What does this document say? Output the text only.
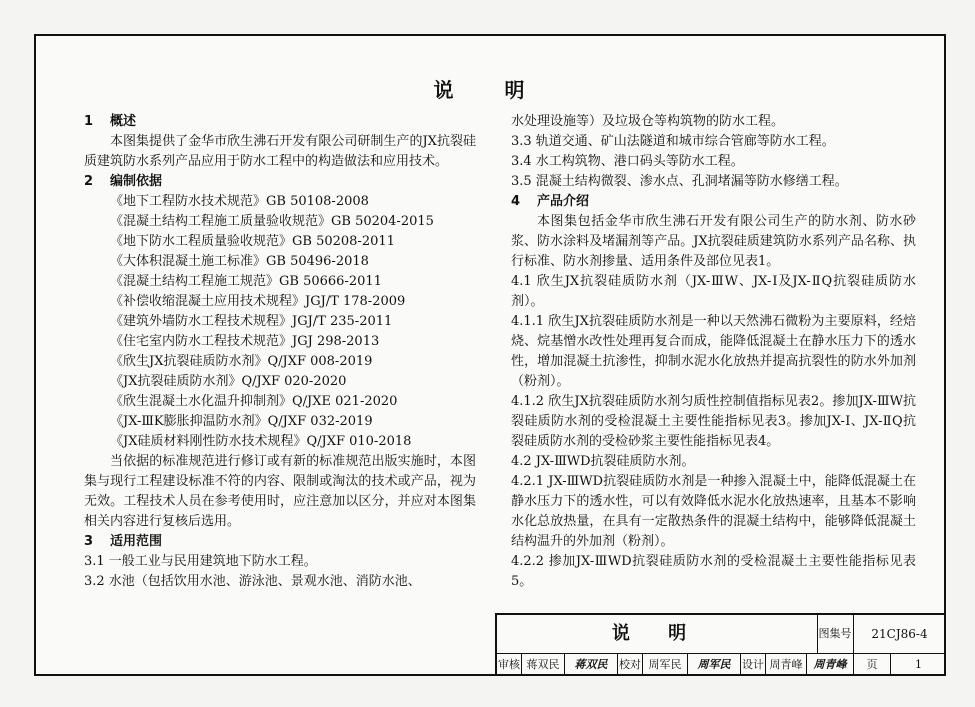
说 明
1 概述

本图集提供了金华市欣生沸石开发有限公司研制生产的JX抗裂硅质建筑防水系列产品应用于防水工程中的构造做法和应用技术。

2 编制依据
《地下工程防水技术规范》GB 50108-2008
《混凝土结构工程施工质量验收规范》GB 50204-2015
《地下防水工程质量验收规范》GB 50208-2011
《大体积混凝土施工标准》GB 50496-2018
《混凝土结构工程施工规范》GB 50666-2011
《补偿收缩混凝土应用技术规程》JGJ/T 178-2009
《建筑外墙防水工程技术规程》JGJ/T 235-2011
《住宅室内防水工程技术规范》JGJ 298-2013
《欣生JX抗裂硅质防水剂》Q/JXF 008-2019
《JX抗裂硅质防水剂》Q/JXF 020-2020
《欣生混凝土水化温升抑制剂》Q/JXE 021-2020
《JX-ⅢK膨胀抑温防水剂》Q/JXF 032-2019
《JX硅质材料刚性防水技术规程》Q/JXF 010-2018

当依据的标准规范进行修订或有新的标准规范出版实施时，本图集与现行工程建设标准不符的内容、限制或淘汰的技术或产品，视为无效。工程技术人员在参考使用时，应注意加以区分，并应对本图集相关内容进行复核后选用。

3 适用范围

3.1 一般工业与民用建筑地下防水工程。

3.2 水池（包括饮用水池、游泳池、景观水池、消防水池、

水处理设施等）及垃圾仓等构筑物的防水工程。

3.3 轨道交通、矿山法隧道和城市综合管廊等防水工程。

3.4 水工构筑物、港口码头等防水工程。

3.5 混凝土结构微裂、渗水点、孔洞堵漏等防水修缮工程。

4 产品介绍

本图集包括金华市欣生沸石开发有限公司生产的防水剂、防水砂浆、防水涂料及堵漏剂等产品。JX抗裂硅质建筑防水系列产品名称、执行标准、防水剂掺量、适用条件及部位见表1。

4.1 欣生JX抗裂硅质防水剂（JX-ⅢW、JX-Ⅰ及JX-ⅡQ抗裂硅质防水剂）。

4.1.1 欣生JX抗裂硅质防水剂是一种以天然沸石微粉为主要原料，经焙烧、烷基憎水改性处理再复合而成，能降低混凝土在静水压力下的透水性，增加混凝土抗渗性，抑制水泥水化放热并提高抗裂性的防水外加剂（粉剂）。

4.1.2 欣生JX抗裂硅质防水剂匀质性控制值指标见表2。掺加JX-ⅢW抗裂硅质防水剂的受检混凝土主要性能指标见表3。掺加JX-Ⅰ、JX-ⅡQ抗裂硅质防水剂的受检砂浆主要性能指标见表4。

4.2 JX-ⅢWD抗裂硅质防水剂。

4.2.1 JX-ⅢWD抗裂硅质防水剂是一种掺入混凝土中，能降低混凝土在静水压力下的透水性，可以有效降低水泥水化放热速率，且基本不影响水化总放热量，在具有一定散热条件的混凝土结构中，能够降低混凝土结构温升的外加剂（粉剂）。

4.2.2 掺加JX-ⅢWD抗裂硅质防水剂的受检混凝土主要性能指标见表5。

说 明	图集号	21CJ86-4
审核 蒋双民	蒋双民	校对 周军民	周军民	设计 周青峰	周青峰	页	1
